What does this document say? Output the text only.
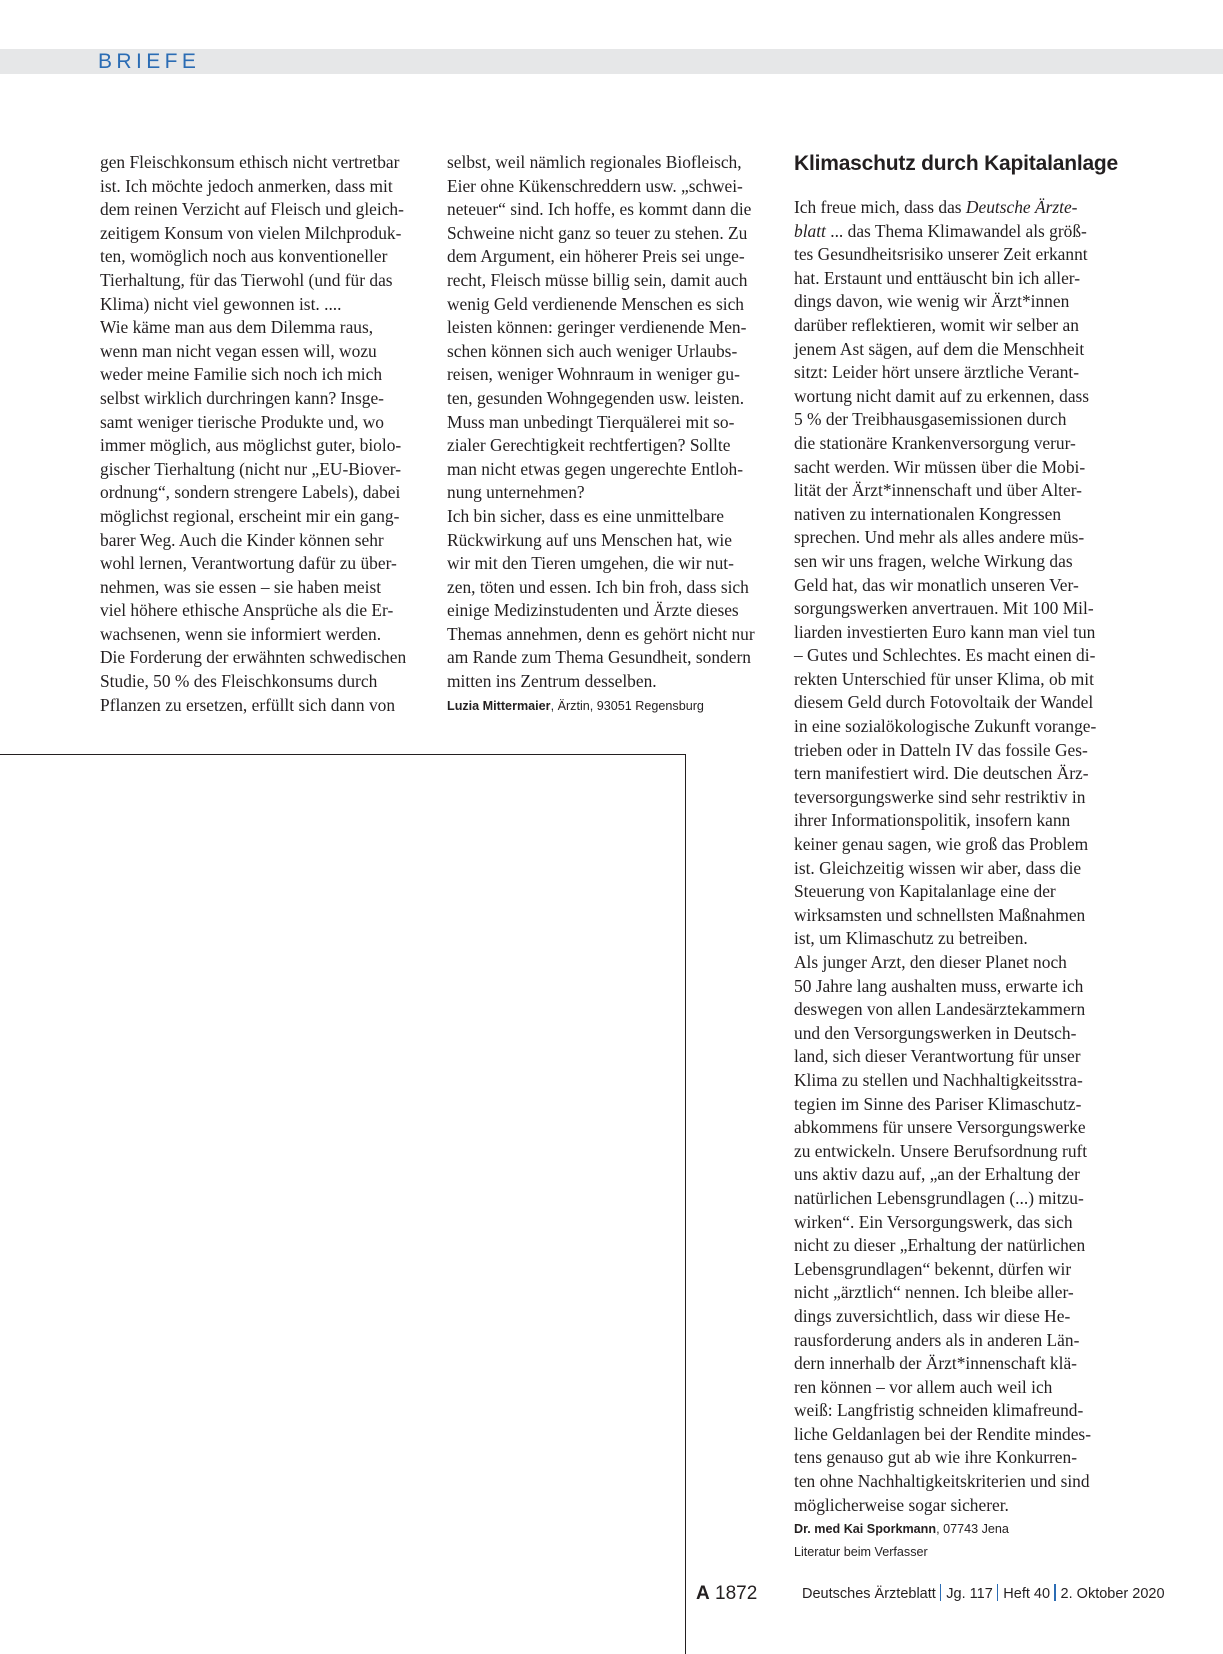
BRIEFE
gen Fleischkonsum ethisch nicht vertretbar
ist. Ich möchte jedoch anmerken, dass mit
dem reinen Verzicht auf Fleisch und gleich-
zeitigem Konsum von vielen Milchproduk-
ten, womöglich noch aus konventioneller
Tierhaltung, für das Tierwohl (und für das
Klima) nicht viel gewonnen ist. ....
Wie käme man aus dem Dilemma raus,
wenn man nicht vegan essen will, wozu
weder meine Familie sich noch ich mich
selbst wirklich durchringen kann? Insge-
samt weniger tierische Produkte und, wo
immer möglich, aus möglichst guter, biolo-
gischer Tierhaltung (nicht nur „EU-Biover-
ordnung“, sondern strengere Labels), dabei
möglichst regional, erscheint mir ein gang-
barer Weg. Auch die Kinder können sehr
wohl lernen, Verantwortung dafür zu über-
nehmen, was sie essen – sie haben meist
viel höhere ethische Ansprüche als die Er-
wachsenen, wenn sie informiert werden.
Die Forderung der erwähnten schwedischen
Studie, 50 % des Fleischkonsums durch
Pflanzen zu ersetzen, erfüllt sich dann von
selbst, weil nämlich regionales Biofleisch,
Eier ohne Kükenschreddern usw. „schwei-
neteuer“ sind. Ich hoffe, es kommt dann die
Schweine nicht ganz so teuer zu stehen. Zu
dem Argument, ein höherer Preis sei unge-
recht, Fleisch müsse billig sein, damit auch
wenig Geld verdienende Menschen es sich
leisten können: geringer verdienende Men-
schen können sich auch weniger Urlaubs-
reisen, weniger Wohnraum in weniger gu-
ten, gesunden Wohngegenden usw. leisten.
Muss man unbedingt Tierquälerei mit so-
zialer Gerechtigkeit rechtfertigen? Sollte
man nicht etwas gegen ungerechte Entloh-
nung unternehmen?
Ich bin sicher, dass es eine unmittelbare
Rückwirkung auf uns Menschen hat, wie
wir mit den Tieren umgehen, die wir nut-
zen, töten und essen. Ich bin froh, dass sich
einige Medizinstudenten und Ärzte dieses
Themas annehmen, denn es gehört nicht nur
am Rande zum Thema Gesundheit, sondern
mitten ins Zentrum desselben.
Luzia Mittermaier, Ärztin, 93051 Regensburg
Klimaschutz durch Kapitalanlage
Ich freue mich, dass das Deutsche Ärzte-
blatt ... das Thema Klimawandel als größ-
tes Gesundheitsrisiko unserer Zeit erkannt
hat. Erstaunt und enttäuscht bin ich aller-
dings davon, wie wenig wir Ärzt*innen
darüber reflektieren, womit wir selber an
jenem Ast sägen, auf dem die Menschheit
sitzt: Leider hört unsere ärztliche Verant-
wortung nicht damit auf zu erkennen, dass
5 % der Treibhausgasemissionen durch
die stationäre Krankenversorgung verur-
sacht werden. Wir müssen über die Mobi-
lität der Ärzt*innenschaft und über Alter-
nativen zu internationalen Kongressen
sprechen. Und mehr als alles andere müs-
sen wir uns fragen, welche Wirkung das
Geld hat, das wir monatlich unseren Ver-
sorgungswerken anvertrauen. Mit 100 Mil-
liarden investierten Euro kann man viel tun
– Gutes und Schlechtes. Es macht einen di-
rekten Unterschied für unser Klima, ob mit
diesem Geld durch Fotovoltaik der Wandel
in eine sozialökologische Zukunft vorange-
trieben oder in Datteln IV das fossile Ges-
tern manifestiert wird. Die deutschen Ärz-
teversorgungswerke sind sehr restriktiv in
ihrer Informationspolitik, insofern kann
keiner genau sagen, wie groß das Problem
ist. Gleichzeitig wissen wir aber, dass die
Steuerung von Kapitalanlage eine der
wirksamsten und schnellsten Maßnahmen
ist, um Klimaschutz zu betreiben.
Als junger Arzt, den dieser Planet noch
50 Jahre lang aushalten muss, erwarte ich
deswegen von allen Landesärztekammern
und den Versorgungswerken in Deutsch-
land, sich dieser Verantwortung für unser
Klima zu stellen und Nachhaltigkeitsstra-
tegien im Sinne des Pariser Klimaschutz-
abkommens für unsere Versorgungswerke
zu entwickeln. Unsere Berufsordnung ruft
uns aktiv dazu auf, „an der Erhaltung der
natürlichen Lebensgrundlagen (...) mitzu-
wirken“. Ein Versorgungswerk, das sich
nicht zu dieser „Erhaltung der natürlichen
Lebensgrundlagen“ bekennt, dürfen wir
nicht „ärztlich“ nennen. Ich bleibe aller-
dings zuversichtlich, dass wir diese He-
rausforderung anders als in anderen Län-
dern innerhalb der Ärzt*innenschaft klä-
ren können – vor allem auch weil ich
weiß: Langfristig schneiden klimafreund-
liche Geldanlagen bei der Rendite mindes-
tens genauso gut ab wie ihre Konkurren-
ten ohne Nachhaltigkeitskriterien und sind
möglicherweise sogar sicherer.
Dr. med Kai Sporkmann, 07743 Jena
Literatur beim Verfasser
A 1872	Deutsches Ärzteblatt Jg. 117 Heft 40 2. Oktober 2020
